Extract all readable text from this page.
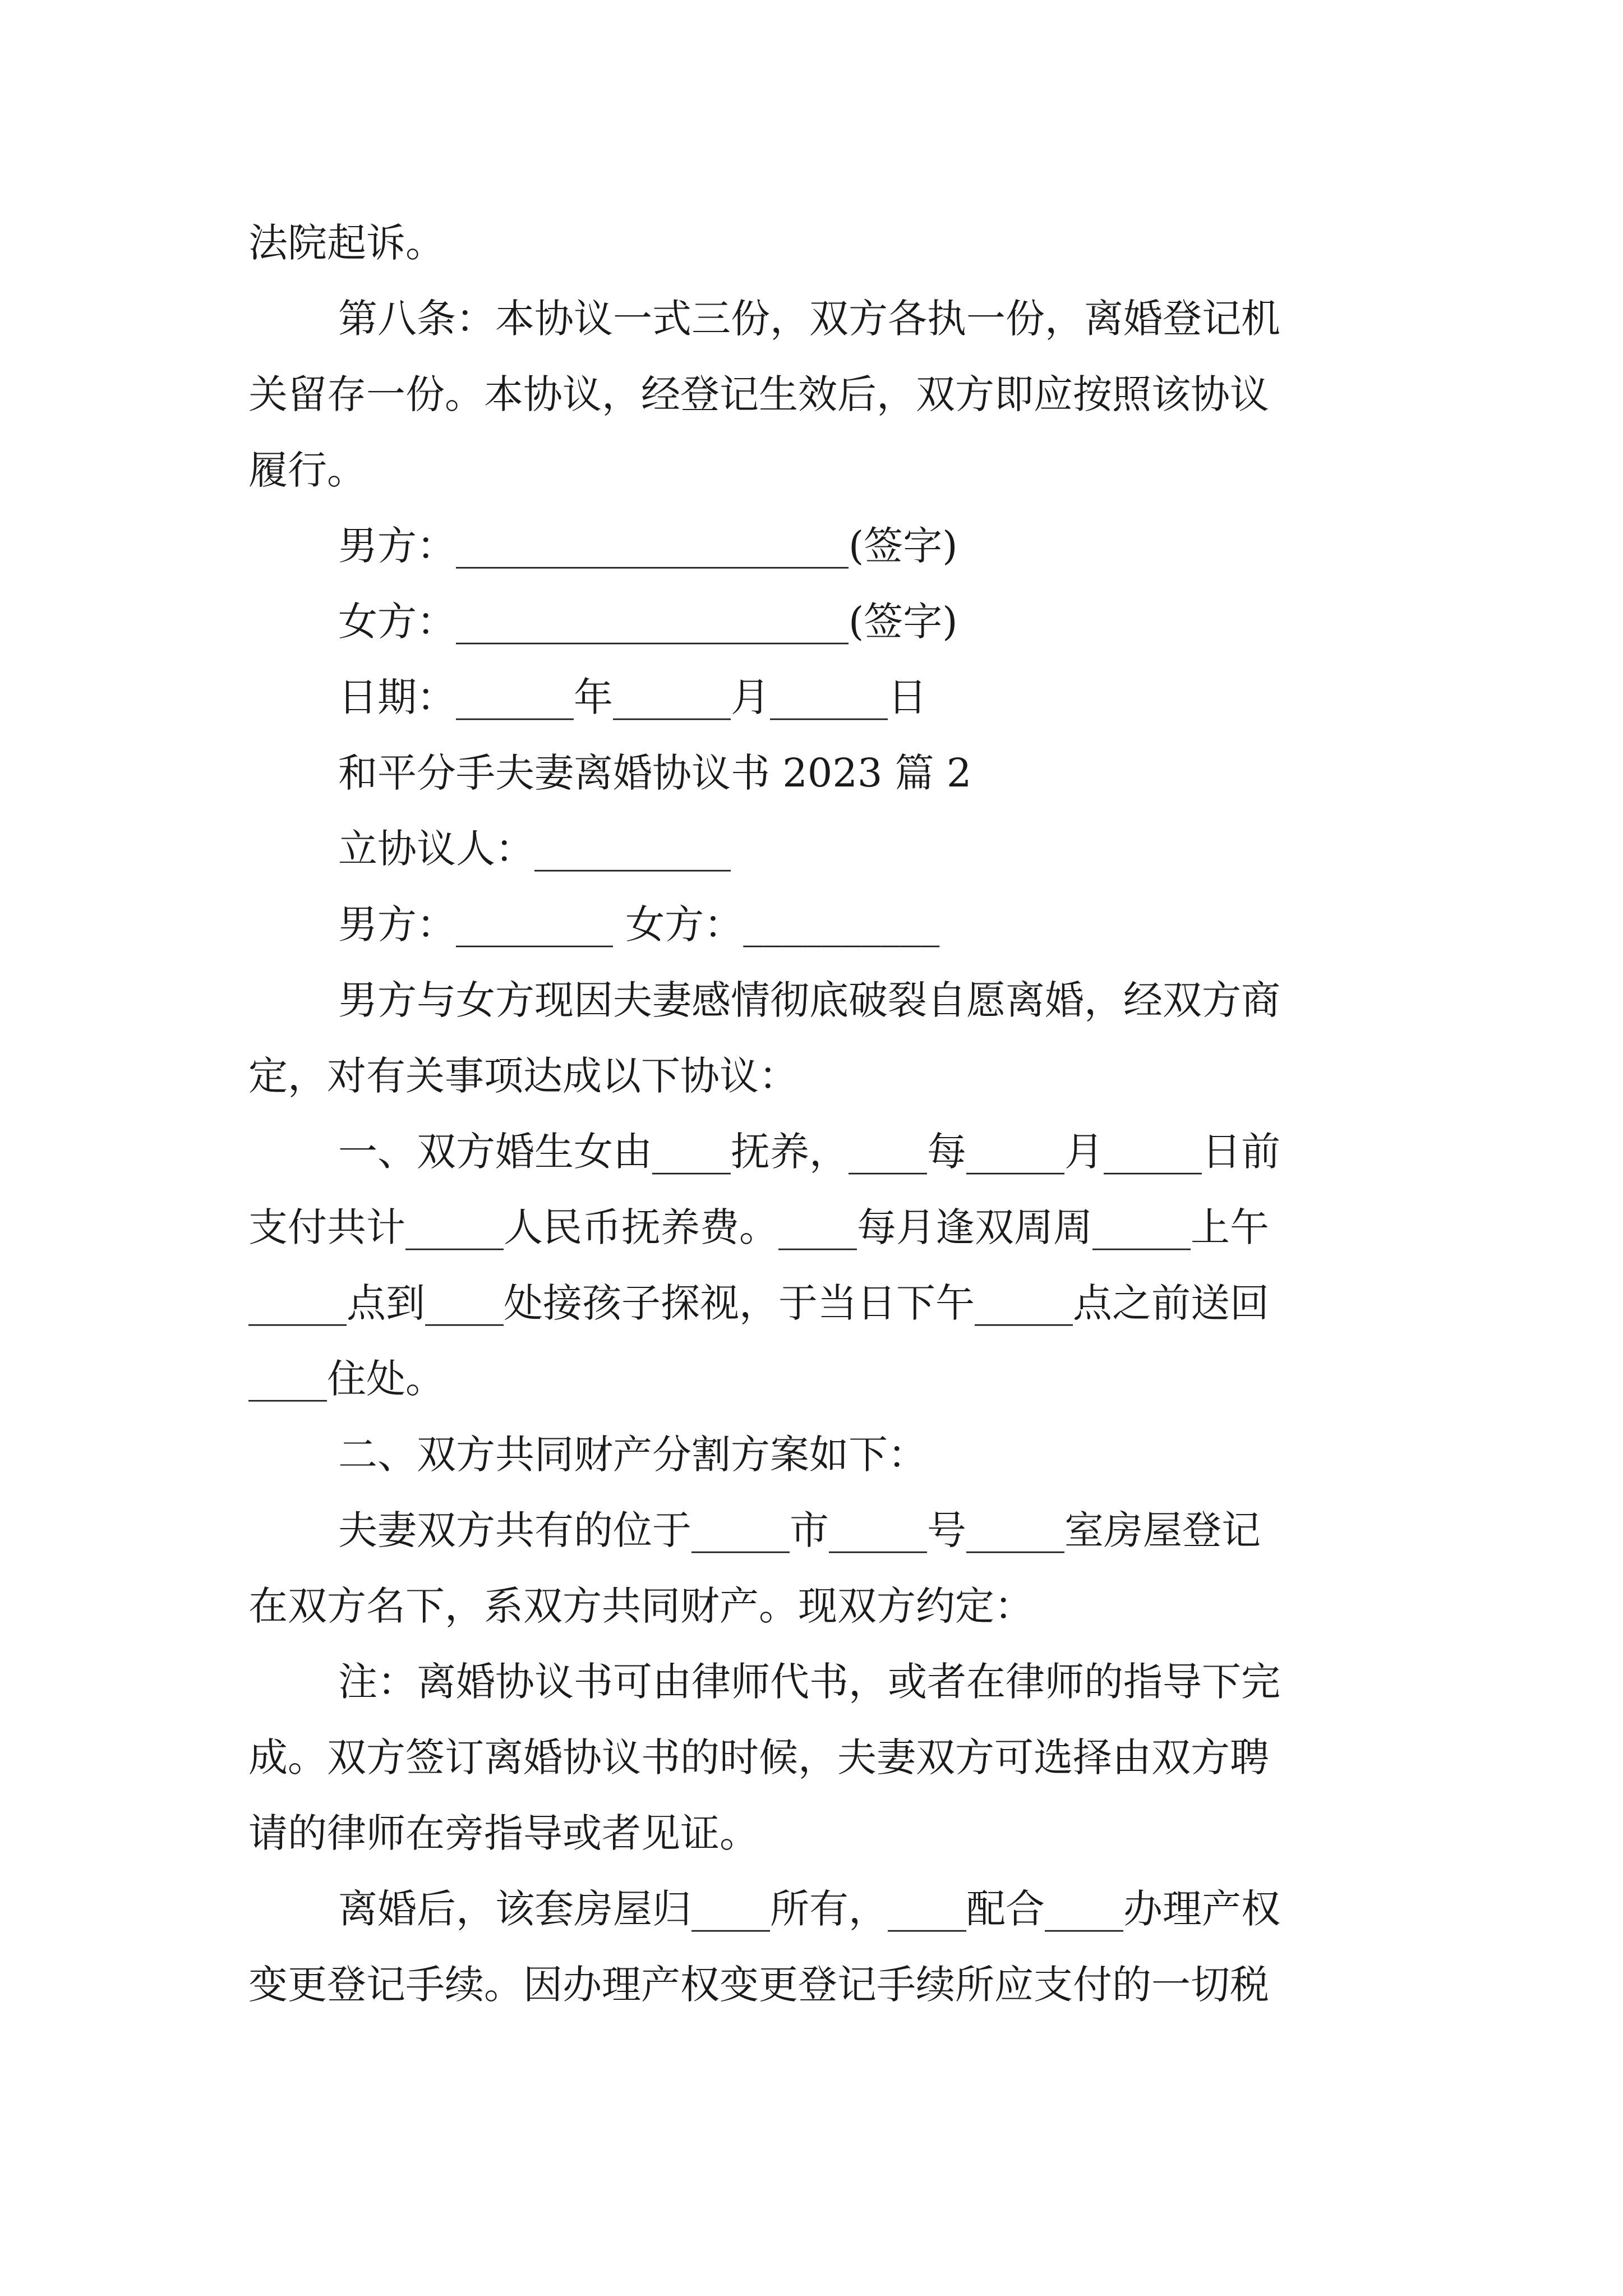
法院起诉。
第八条：本协议一式三份，双方各执一份，离婚登记机
关留存一份。本协议，经登记生效后，双方即应按照该协议
履行。
男方：____________________(签字)
女方：____________________(签字)
日期：______年______月______日
和平分手夫妻离婚协议书 2023 篇 2
立协议人：__________
男方：________ 女方：__________
男方与女方现因夫妻感情彻底破裂自愿离婚，经双方商
定，对有关事项达成以下协议：
一、双方婚生女由____抚养，____每_____月_____日前
支付共计_____人民币抚养费。____每月逢双周周_____上午
_____点到____处接孩子探视，于当日下午_____点之前送回
____住处。
二、双方共同财产分割方案如下：
夫妻双方共有的位于_____市_____号_____室房屋登记
在双方名下，系双方共同财产。现双方约定：
注：离婚协议书可由律师代书，或者在律师的指导下完
成。双方签订离婚协议书的时候，夫妻双方可选择由双方聘
请的律师在旁指导或者见证。
离婚后，该套房屋归____所有，____配合____办理产权
变更登记手续。因办理产权变更登记手续所应支付的一切税
